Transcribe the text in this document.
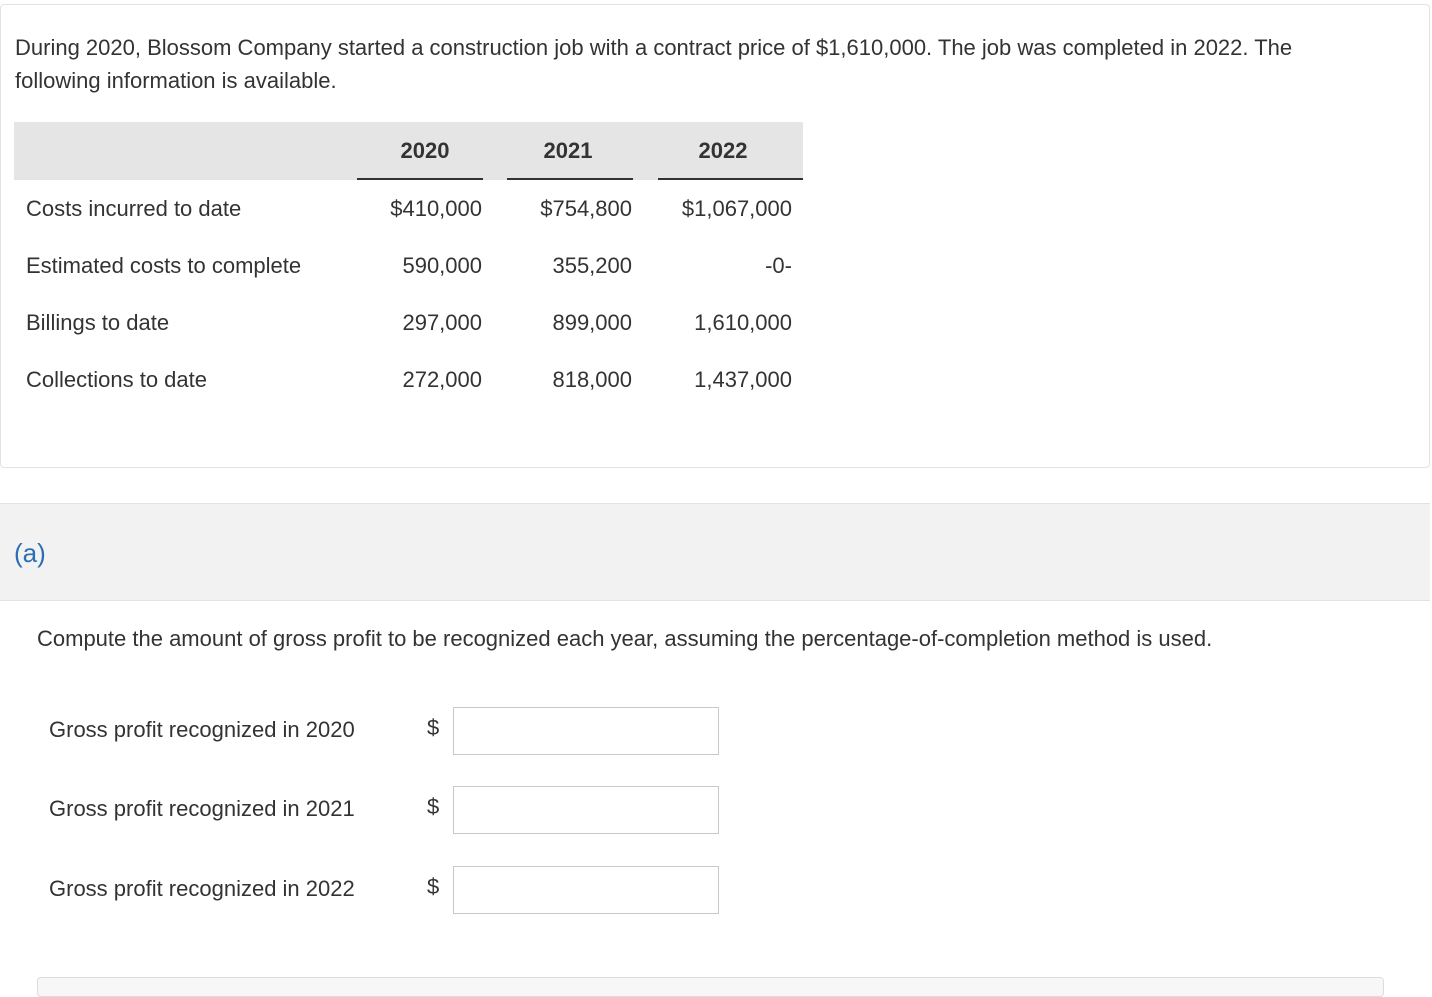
During 2020, Blossom Company started a construction job with a contract price of $1,610,000. The job was completed in 2022. The
following information is available.
	2020	2021	2022

Costs incurred to date	$410,000	$754,800	$1,067,000
Estimated costs to complete	590,000	355,200	-0-
Billings to date	297,000	899,000	1,610,000
Collections to date	272,000	818,000	1,437,000
(a)
Compute the amount of gross profit to be recognized each year, assuming the percentage-of-completion method is used.
Gross profit recognized in 2020	$
Gross profit recognized in 2021	$
Gross profit recognized in 2022	$
